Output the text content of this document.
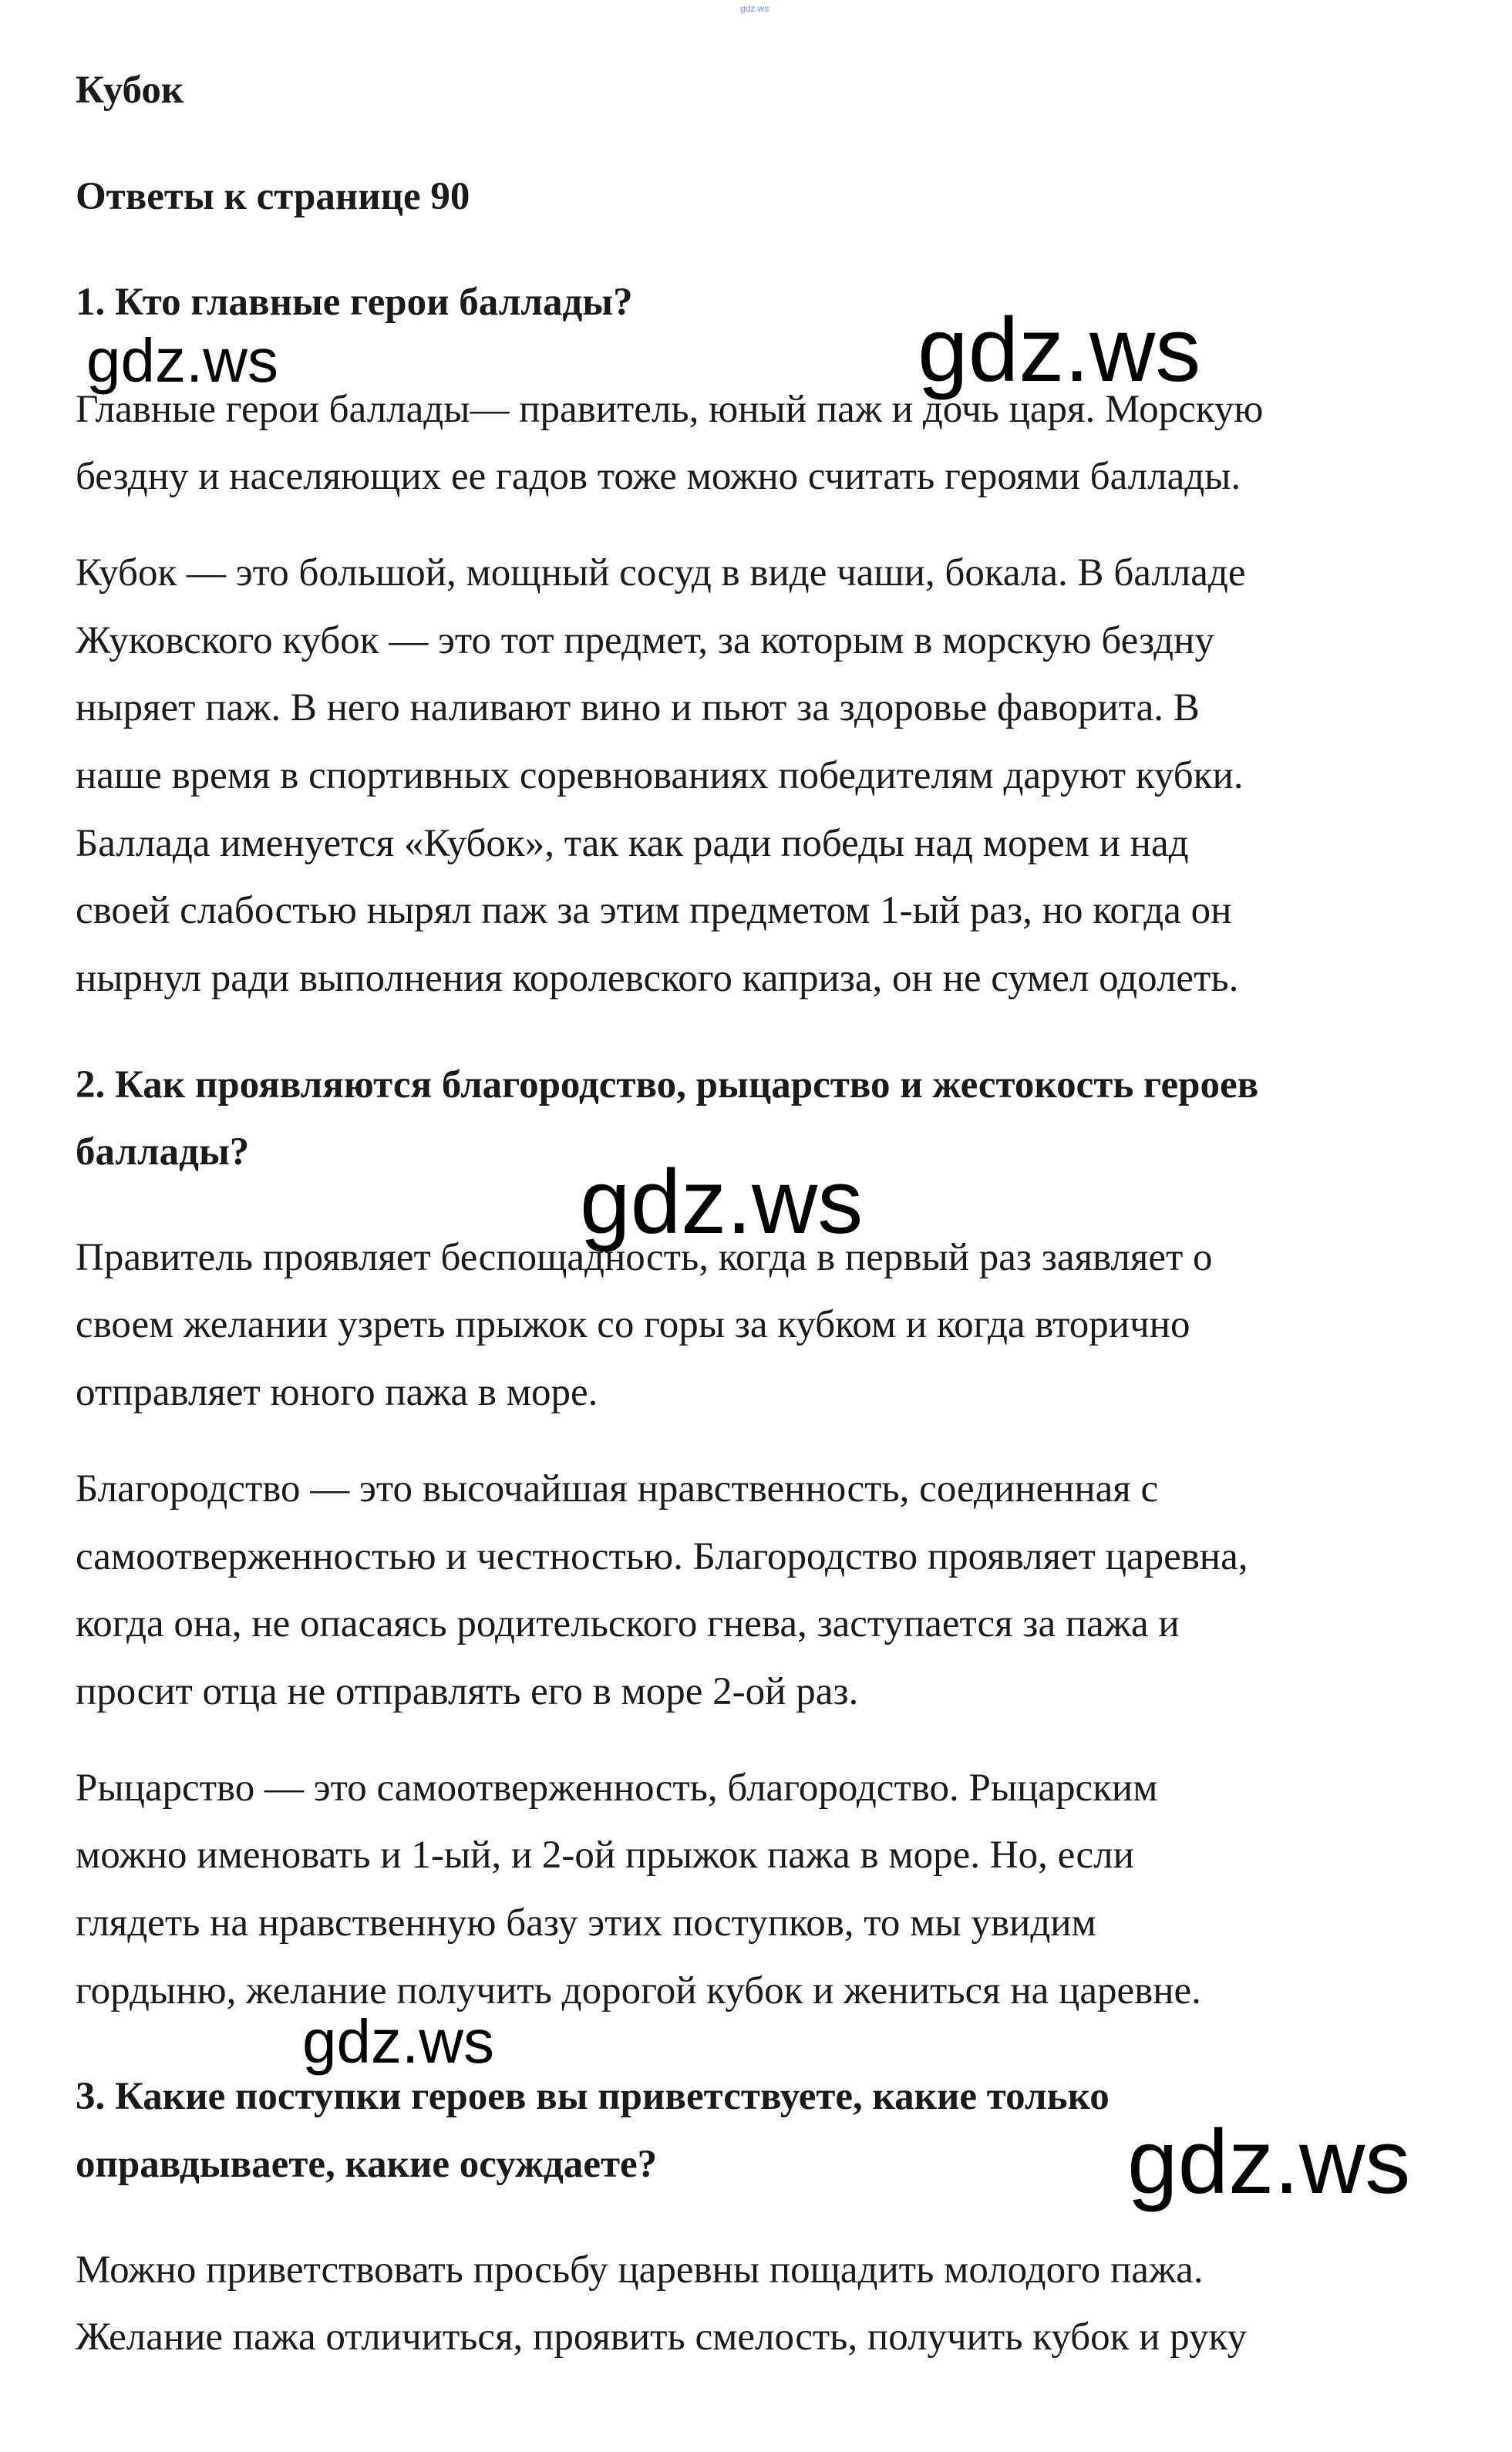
gdz.ws
Кубок
Ответы к странице 90
1. Кто главные герои баллады?
Главные герои баллады— правитель, юный паж и дочь царя. Морскую
бездну и населяющих ее гадов тоже можно считать героями баллады.
Кубок — это большой, мощный сосуд в виде чаши, бокала. В балладе
Жуковского кубок — это тот предмет, за которым в морскую бездну
ныряет паж. В него наливают вино и пьют за здоровье фаворита. В
наше время в спортивных соревнованиях победителям даруют кубки.
Баллада именуется «Кубок», так как ради победы над морем и над
своей слабостью нырял паж за этим предметом 1-ый раз, но когда он
нырнул ради выполнения королевского каприза, он не сумел одолеть.
2. Как проявляются благородство, рыцарство и жестокость героев
баллады?
Правитель проявляет беспощадность, когда в первый раз заявляет о
своем желании узреть прыжок со горы за кубком и когда вторично
отправляет юного пажа в море.
Благородство — это высочайшая нравственность, соединенная с
самоотверженностью и честностью. Благородство проявляет царевна,
когда она, не опасаясь родительского гнева, заступается за пажа и
просит отца не отправлять его в море 2-ой раз.
Рыцарство — это самоотверженность, благородство. Рыцарским
можно именовать и 1-ый, и 2-ой прыжок пажа в море. Но, если
глядеть на нравственную базу этих поступков, то мы увидим
гордыню, желание получить дорогой кубок и жениться на царевне.
3. Какие поступки героев вы приветствуете, какие только
оправдываете, какие осуждаете?
Можно приветствовать просьбу царевны пощадить молодого пажа.
Желание пажа отличиться, проявить смелость, получить кубок и руку
gdz.ws	gdz.ws
gdz.ws
gdz.ws
gdz.ws
